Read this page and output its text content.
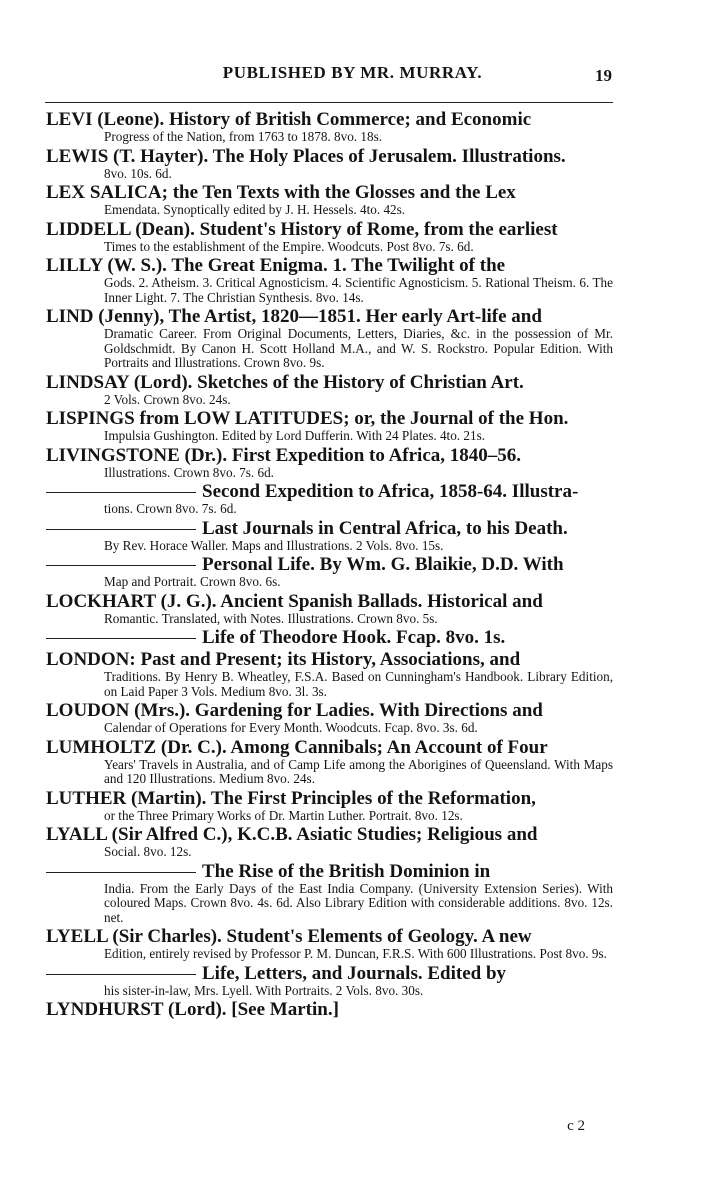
PUBLISHED BY MR. MURRAY.	19
LEVI (Leone). History of British Commerce; and Economic
Progress of the Nation, from 1763 to 1878. 8vo. 18s.
LEWIS (T. Hayter). The Holy Places of Jerusalem. Illustrations.
8vo. 10s. 6d.
LEX SALICA; the Ten Texts with the Glosses and the Lex
Emendata. Synoptically edited by J. H. Hessels. 4to. 42s.
LIDDELL (Dean). Student's History of Rome, from the earliest
Times to the establishment of the Empire. Woodcuts. Post 8vo. 7s. 6d.
LILLY (W. S.). The Great Enigma. 1. The Twilight of the
Gods. 2. Atheism. 3. Critical Agnosticism. 4. Scientific Agnosticism. 5. Rational Theism. 6. The Inner Light. 7. The Christian Synthesis. 8vo. 14s.
LIND (Jenny), The Artist, 1820—1851. Her early Art-life and
Dramatic Career. From Original Documents, Letters, Diaries, &c. in the possession of Mr. Goldschmidt. By Canon H. Scott Holland M.A., and W. S. Rockstro. Popular Edition. With Portraits and Illustrations. Crown 8vo. 9s.
LINDSAY (Lord). Sketches of the History of Christian Art.
2 Vols. Crown 8vo. 24s.
LISPINGS from LOW LATITUDES; or, the Journal of the Hon.
Impulsia Gushington. Edited by Lord Dufferin. With 24 Plates. 4to. 21s.
LIVINGSTONE (Dr.). First Expedition to Africa, 1840–56.
Illustrations. Crown 8vo. 7s. 6d.
Second Expedition to Africa, 1858-64. Illustra-
tions. Crown 8vo. 7s. 6d.
Last Journals in Central Africa, to his Death.
By Rev. Horace Waller. Maps and Illustrations. 2 Vols. 8vo. 15s.
Personal Life. By Wm. G. Blaikie, D.D. With
Map and Portrait. Crown 8vo. 6s.
LOCKHART (J. G.). Ancient Spanish Ballads. Historical and
Romantic. Translated, with Notes. Illustrations. Crown 8vo. 5s.
Life of Theodore Hook. Fcap. 8vo. 1s.
LONDON: Past and Present; its History, Associations, and
Traditions. By Henry B. Wheatley, F.S.A. Based on Cunningham's Handbook. Library Edition, on Laid Paper 3 Vols. Medium 8vo. 3l. 3s.
LOUDON (Mrs.). Gardening for Ladies. With Directions and
Calendar of Operations for Every Month. Woodcuts. Fcap. 8vo. 3s. 6d.
LUMHOLTZ (Dr. C.). Among Cannibals; An Account of Four
Years' Travels in Australia, and of Camp Life among the Aborigines of Queensland. With Maps and 120 Illustrations. Medium 8vo. 24s.
LUTHER (Martin). The First Principles of the Reformation,
or the Three Primary Works of Dr. Martin Luther. Portrait. 8vo. 12s.
LYALL (Sir Alfred C.), K.C.B. Asiatic Studies; Religious and
Social. 8vo. 12s.
The Rise of the British Dominion in
India. From the Early Days of the East India Company. (University Extension Series). With coloured Maps. Crown 8vo. 4s. 6d. Also Library Edition with considerable additions. 8vo. 12s. net.
LYELL (Sir Charles). Student's Elements of Geology. A new
Edition, entirely revised by Professor P. M. Duncan, F.R.S. With 600 Illustrations. Post 8vo. 9s.
Life, Letters, and Journals. Edited by
his sister-in-law, Mrs. Lyell. With Portraits. 2 Vols. 8vo. 30s.
LYNDHURST (Lord). [See Martin.]
c 2
